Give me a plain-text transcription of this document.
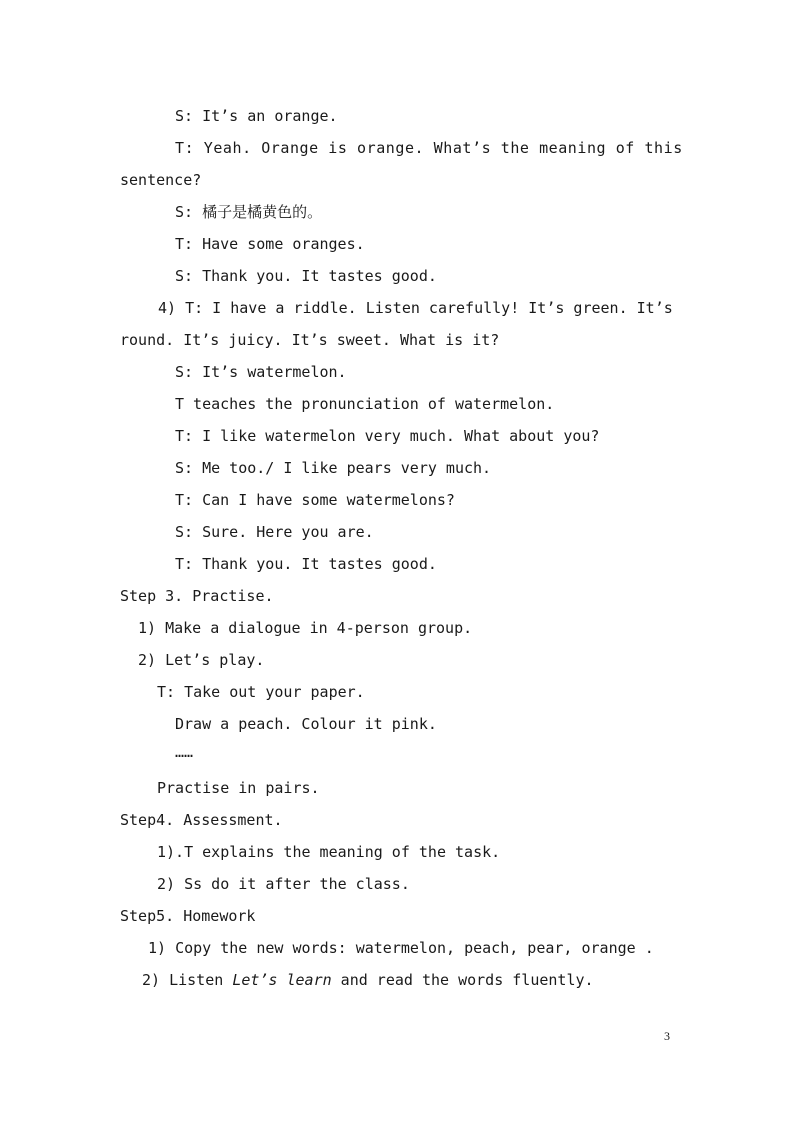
S: It’s an orange.
T: Yeah. Orange is orange. What’s the meaning of this
sentence?
S: 橘子是橘黄色的。
T: Have some oranges.
S: Thank you. It tastes good.
4) T: I have a riddle. Listen carefully! It’s green. It’s
round. It’s juicy. It’s sweet. What is it?
S: It’s watermelon.
T teaches the pronunciation of watermelon.
T: I like watermelon very much. What about you?
S: Me too./ I like pears very much.
T: Can I have some watermelons?
S: Sure. Here you are.
T: Thank you. It tastes good.
Step 3. Practise.
1) Make a dialogue in 4-person group.
2) Let’s play.
T: Take out your paper.
Draw a peach. Colour it pink.
……
Practise in pairs.
Step4. Assessment.
1).T explains the meaning of the task.
2) Ss do it after the class.
Step5. Homework
1) Copy the new words: watermelon, peach, pear, orange .
2) Listen Let’s learn and read the words fluently.
3
